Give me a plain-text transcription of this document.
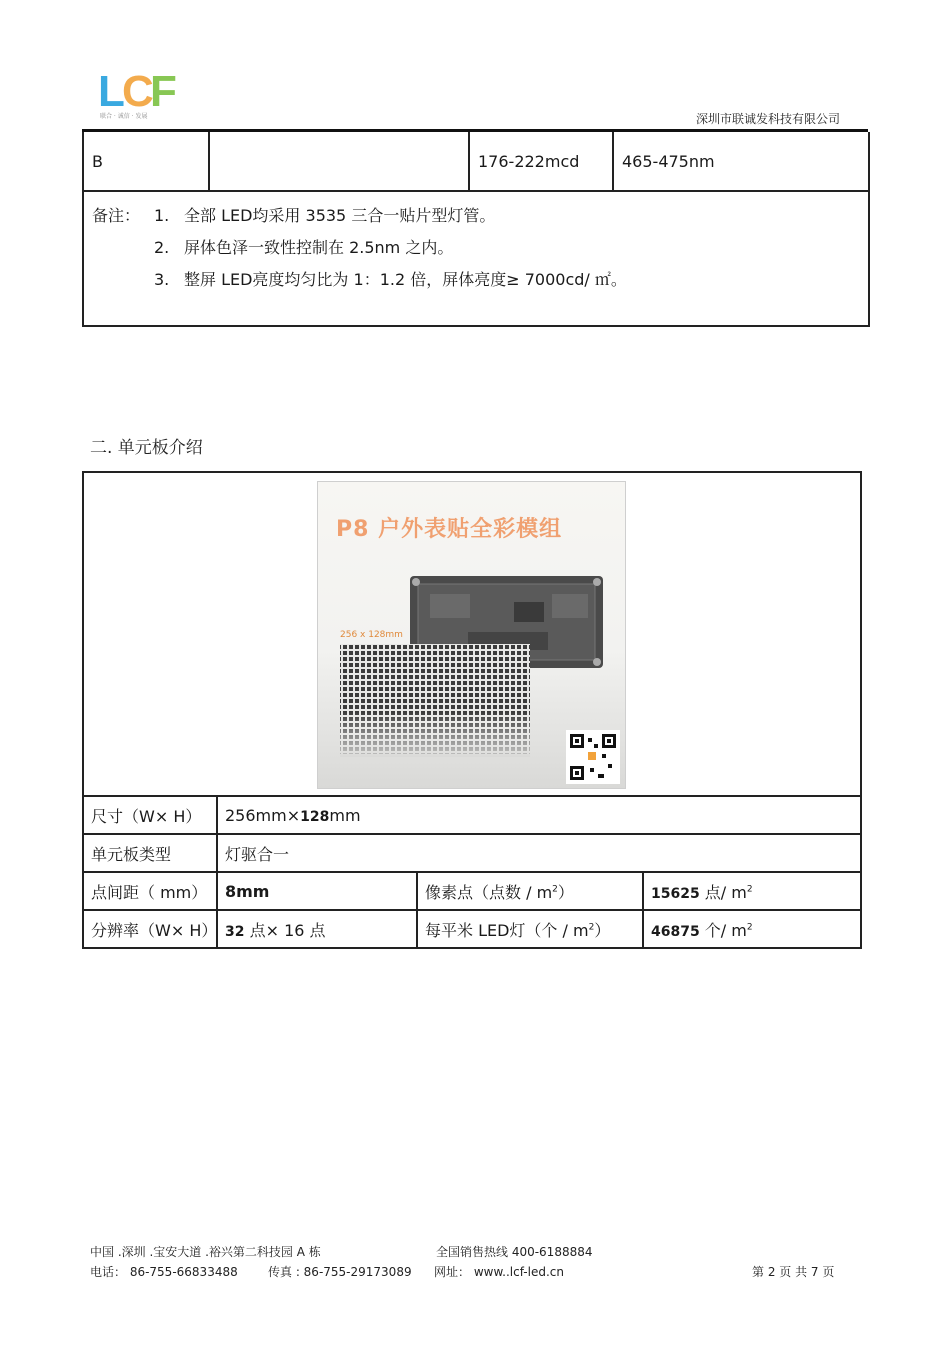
L
C
F
联合 · 诚信 · 发展	深圳市联诚发科技有限公司
B		176-222mcd	465-475nm

备注： 1. 全部 LED均采用 3535 三合一贴片型灯管。
2. 屏体色泽一致性控制在 2.5nm 之内。
3. 整屏 LED亮度均匀比为 1：1.2 倍，屏体亮度≥ 7000cd/ ㎡。
二. 单元板介绍
P8 户外表贴全彩模组
256 x 128mm			

尺寸（W× H）	256mm×128mm		
单元板类型	灯驱合一		
点间距（ mm）	8mm	像素点（点数 / $m^2$）	15625 点/ $m^2$
分辨率（W× H）	32 点× 16 点	每平米 LED灯（个 / $m^2$）	46875 个/ $m^2$
中国 .深圳 .宝安大道 .裕兴第二科技园 A 栋	全国销售热线 400-6188884
电话： 86-755-66833488	传真 : 86-755-29173089 网址： www..lcf-led.cn	第 2 页 共 7 页
